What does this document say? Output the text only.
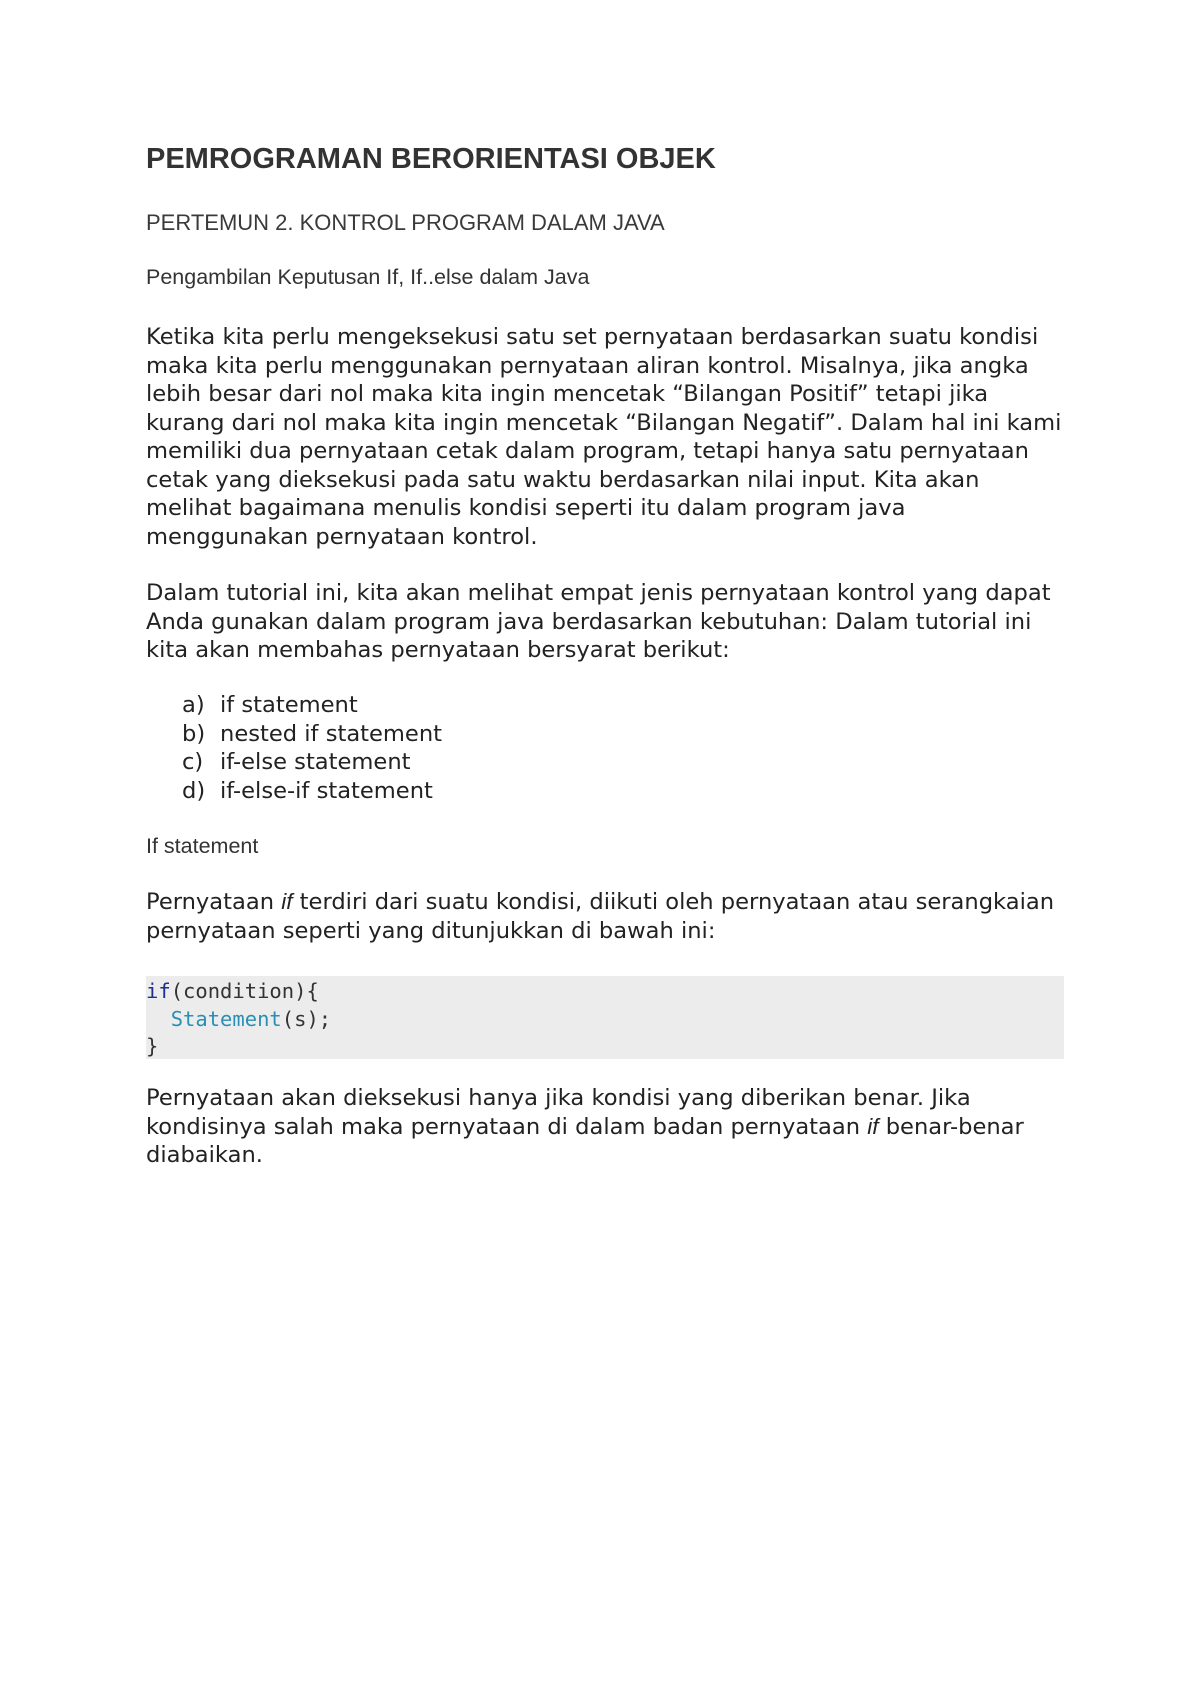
PEMROGRAMAN BERORIENTASI OBJEK

PERTEMUN 2. KONTROL PROGRAM DALAM JAVA

Pengambilan Keputusan If, If..else dalam Java

Ketika kita perlu mengeksekusi satu set pernyataan berdasarkan suatu kondisi maka kita perlu menggunakan pernyataan aliran kontrol. Misalnya, jika angka lebih besar dari nol maka kita ingin mencetak “Bilangan Positif” tetapi jika kurang dari nol maka kita ingin mencetak “Bilangan Negatif”. Dalam hal ini kami memiliki dua pernyataan cetak dalam program, tetapi hanya satu pernyataan cetak yang dieksekusi pada satu waktu berdasarkan nilai input. Kita akan melihat bagaimana menulis kondisi seperti itu dalam program java menggunakan pernyataan kontrol.

Dalam tutorial ini, kita akan melihat empat jenis pernyataan kontrol yang dapat Anda gunakan dalam program java berdasarkan kebutuhan: Dalam tutorial ini kita akan membahas pernyataan bersyarat berikut:

a) if statement
b) nested if statement
c) if-else statement
d) if-else-if statement
If statement

Pernyataan if terdiri dari suatu kondisi, diikuti oleh pernyataan atau serangkaian pernyataan seperti yang ditunjukkan di bawah ini:

if(condition){
Statement(s);
}

Pernyataan akan dieksekusi hanya jika kondisi yang diberikan benar. Jika kondisinya salah maka pernyataan di dalam badan pernyataan if benar-benar diabaikan.
